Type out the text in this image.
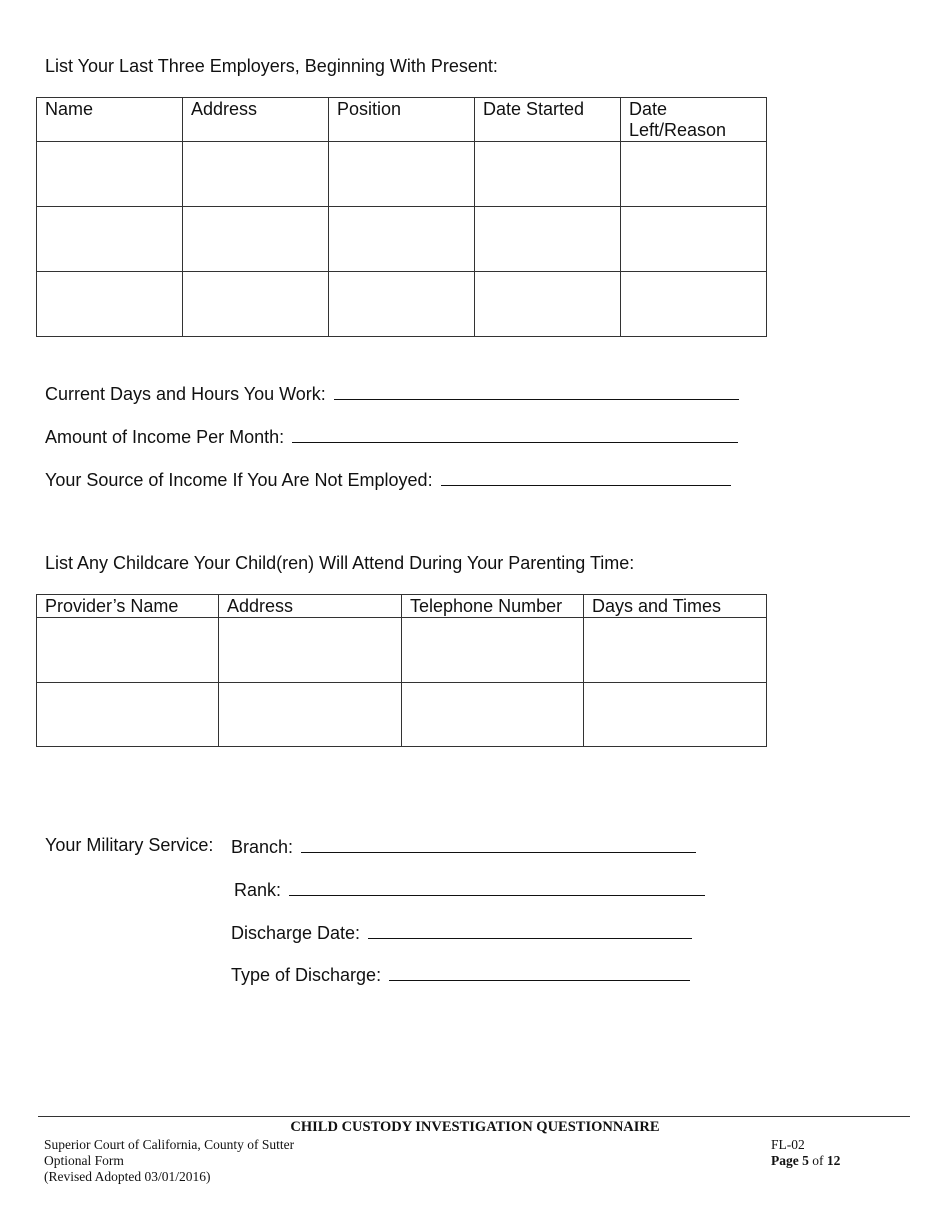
List Your Last Three Employers, Beginning With Present:
Name	Address	Position	Date Started	Date Left/Reason

Current Days and Hours You Work:
Amount of Income Per Month:
Your Source of Income If You Are Not Employed:
List Any Childcare Your Child(ren) Will Attend During Your Parenting Time:
Provider’s Name	Address	Telephone Number	Days and Times

Your Military Service: Branch:
Rank:
Discharge Date:
Type of Discharge:
CHILD CUSTODY INVESTIGATION QUESTIONNAIRE
Superior Court of California, County of Sutter
Optional Form
(Revised Adopted 03/01/2016)
FL-02
Page 5 of 12
